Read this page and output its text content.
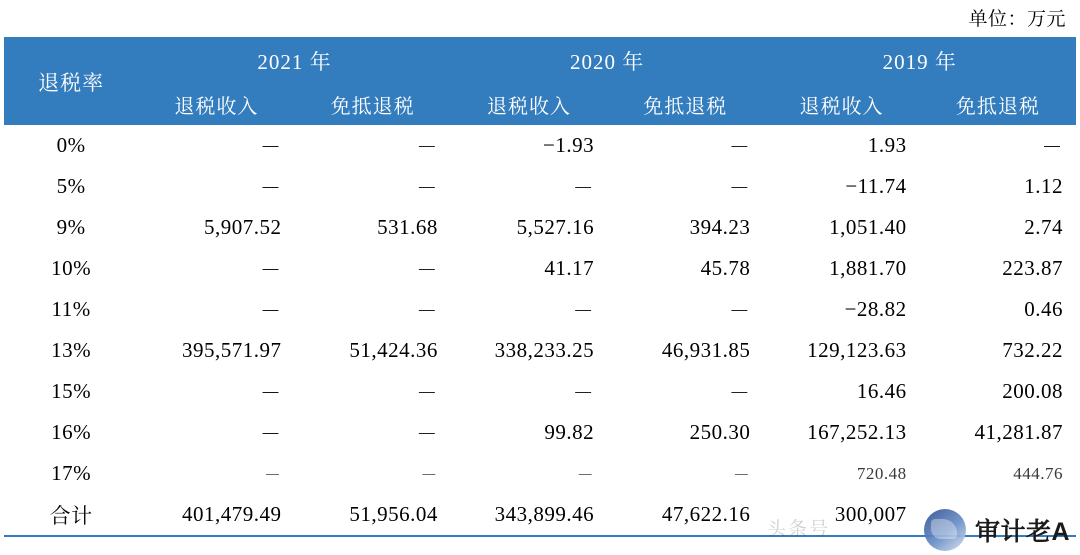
单位：万元
退税率	2021 年		2020 年		2019 年	
	退税收入	免抵退税	退税收入	免抵退税	退税收入	免抵退税
0%	－	－	−1.93	－	1.93	－
5%	－	－	－	－	−11.74	1.12
9%	5,907.52	531.68	5,527.16	394.23	1,051.40	2.74
10%	－	－	41.17	45.78	1,881.70	223.87
11%	－	－	－	－	−28.82	0.46
13%	395,571.97	51,424.36	338,233.25	46,931.85	129,123.63	732.22
15%	－	－	－	－	16.46	200.08
16%	－	－	99.82	250.30	167,252.13	41,281.87
17%	－	－	－	－	720.48	444.76
合计	401,479.49	51,956.04	343,899.46	47,622.16	300,007	
头条号	审计老A
